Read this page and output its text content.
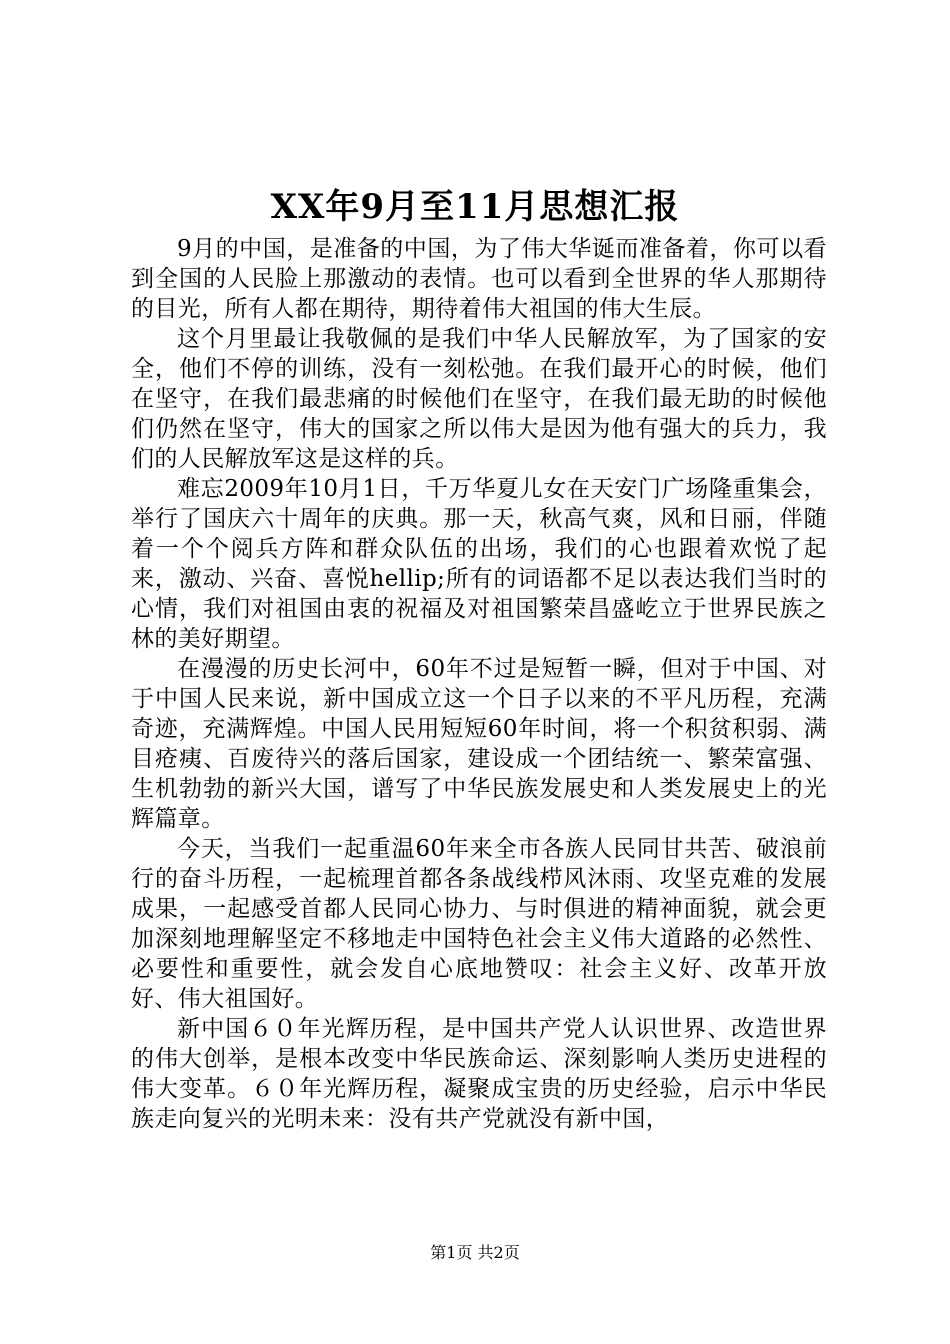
XX年9月至11月思想汇报

9月的中国，是准备的中国，为了伟大华诞而准备着，你可以看到全国的人民脸上那激动的表情。也可以看到全世界的华人那期待的目光，所有人都在期待，期待着伟大祖国的伟大生辰。

这个月里最让我敬佩的是我们中华人民解放军，为了国家的安全，他们不停的训练，没有一刻松弛。在我们最开心的时候，他们在坚守，在我们最悲痛的时候他们在坚守，在我们最无助的时候他们仍然在坚守，伟大的国家之所以伟大是因为他有强大的兵力，我们的人民解放军这是这样的兵。

难忘2009年10月1日，千万华夏儿女在天安门广场隆重集会，举行了国庆六十周年的庆典。那一天，秋高气爽，风和日丽，伴随着一个个阅兵方阵和群众队伍的出场，我们的心也跟着欢悦了起来，激动、兴奋、喜悦hellip;所有的词语都不足以表达我们当时的心情，我们对祖国由衷的祝福及对祖国繁荣昌盛屹立于世界民族之林的美好期望。

在漫漫的历史长河中，60年不过是短暂一瞬，但对于中国、对于中国人民来说，新中国成立这一个日子以来的不平凡历程，充满奇迹，充满辉煌。中国人民用短短60年时间，将一个积贫积弱、满目疮痍、百废待兴的落后国家，建设成一个团结统一、繁荣富强、生机勃勃的新兴大国，谱写了中华民族发展史和人类发展史上的光辉篇章。

今天，当我们一起重温60年来全市各族人民同甘共苦、破浪前行的奋斗历程，一起梳理首都各条战线栉风沐雨、攻坚克难的发展成果，一起感受首都人民同心协力、与时俱进的精神面貌，就会更加深刻地理解坚定不移地走中国特色社会主义伟大道路的必然性、必要性和重要性，就会发自心底地赞叹：社会主义好、改革开放好、伟大祖国好。

新中国６０年光辉历程，是中国共产党人认识世界、改造世界的伟大创举，是根本改变中华民族命运、深刻影响人类历史进程的伟大变革。６０年光辉历程，凝聚成宝贵的历史经验，启示中华民族走向复兴的光明未来：没有共产党就没有新中国，

第1页 共2页
